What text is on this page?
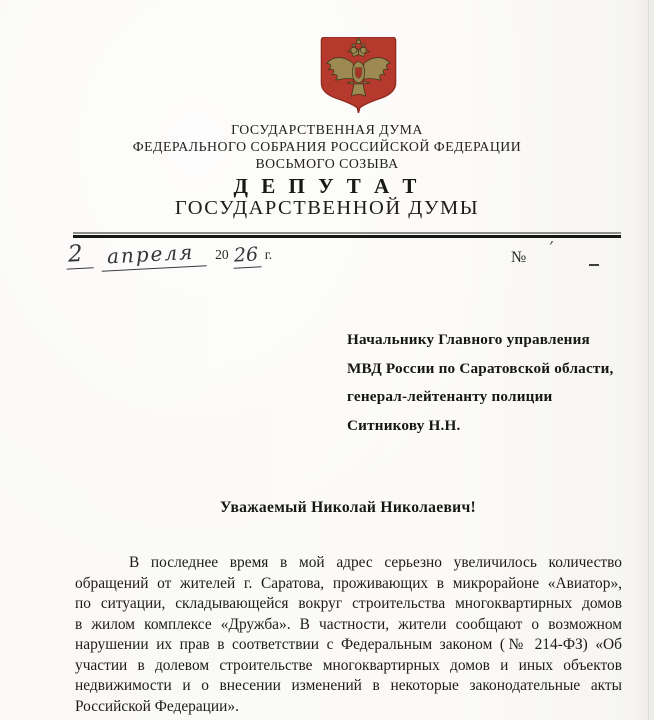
ГОСУДАРСТВЕННАЯ ДУМА
ФЕДЕРАЛЬНОГО СОБРАНИЯ РОССИЙСКОЙ ФЕДЕРАЦИИ
ВОСЬМОГО СОЗЫВА
Д Е П У Т А Т
ГОСУДАРСТВЕННОЙ ДУМЫ
2 апреля 20 26 г.	№
’
Начальнику Главного управления
МВД России по Саратовской области,
генерал-лейтенанту полиции
Ситникову Н.Н.
Уважаемый Николай Николаевич!
В последнее время в мой адрес серьезно увеличилось количество
обращений от жителей г. Саратова, проживающих в микрорайоне «Авиатор»,
по ситуации, складывающейся вокруг строительства многоквартирных домов
в жилом комплексе «Дружба». В частности, жители сообщают о возможном
нарушении их прав в соответствии с Федеральным законом (№ 214-ФЗ) «Об
участии в долевом строительстве многоквартирных домов и иных объектов
недвижимости и о внесении изменений в некоторые законодательные акты
Российской Федерации».
